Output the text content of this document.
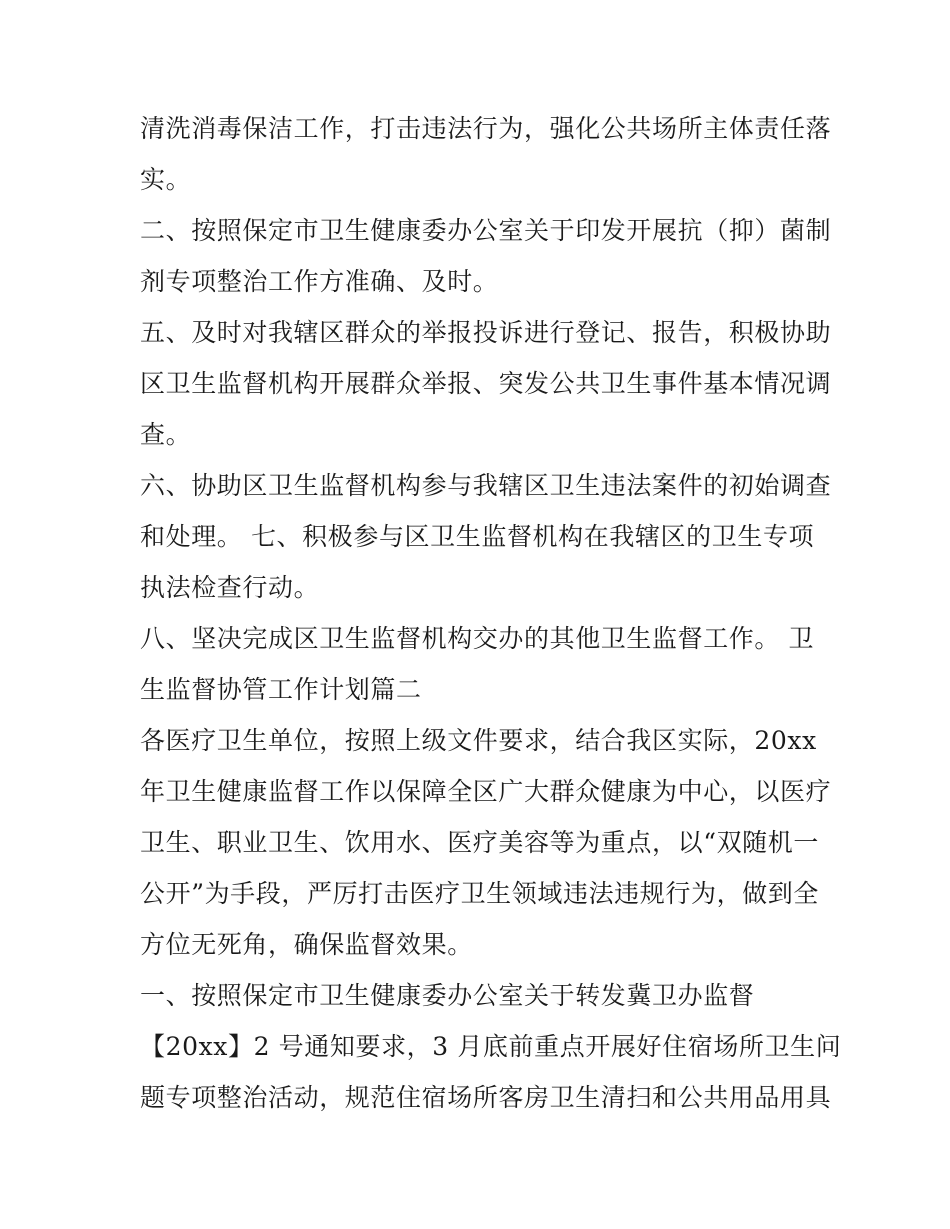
清洗消毒保洁工作，打击违法行为，强化公共场所主体责任落
实。
二、按照保定市卫生健康委办公室关于印发开展抗（抑）菌制
剂专项整治工作方准确、及时。
五、及时对我辖区群众的举报投诉进行登记、报告，积极协助
区卫生监督机构开展群众举报、突发公共卫生事件基本情况调
查。
六、协助区卫生监督机构参与我辖区卫生违法案件的初始调查
和处理。 七、积极参与区卫生监督机构在我辖区的卫生专项
执法检查行动。
八、坚决完成区卫生监督机构交办的其他卫生监督工作。 卫
生监督协管工作计划篇二
各医疗卫生单位，按照上级文件要求，结合我区实际，20xx
年卫生健康监督工作以保障全区广大群众健康为中心，以医疗
卫生、职业卫生、饮用水、医疗美容等为重点，以“双随机一
公开”为手段，严厉打击医疗卫生领域违法违规行为，做到全
方位无死角，确保监督效果。
一、按照保定市卫生健康委办公室关于转发冀卫办监督
【20xx】2 号通知要求，3 月底前重点开展好住宿场所卫生问
题专项整治活动，规范住宿场所客房卫生清扫和公共用品用具
